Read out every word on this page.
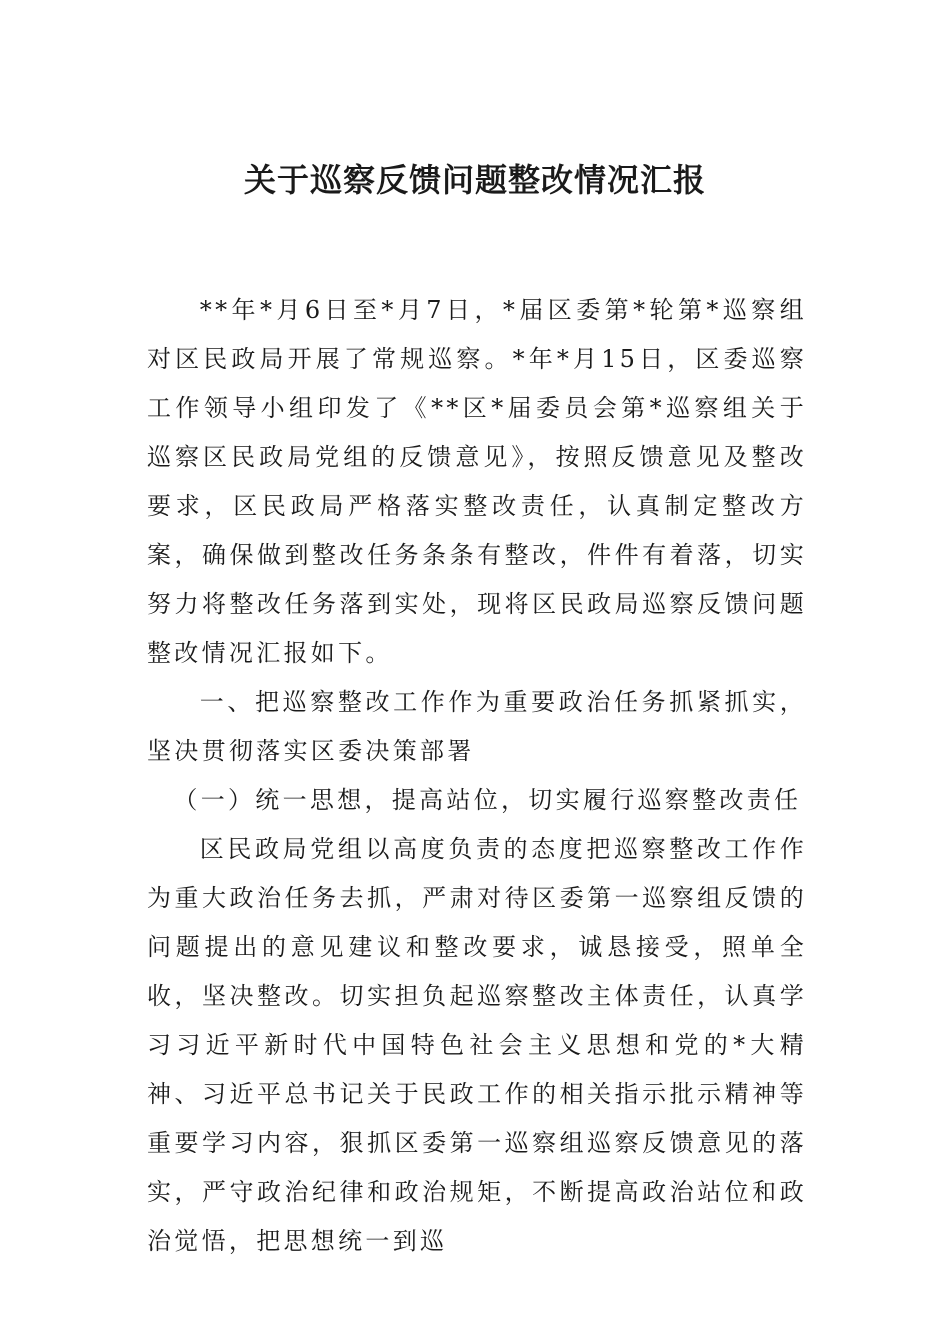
关于巡察反馈问题整改情况汇报

**年*月6日至*月7日，*届区委第*轮第*巡察组对区民政局开展了常规巡察。*年*月15日，区委巡察工作领导小组印发了《**区*届委员会第*巡察组关于巡察区民政局党组的反馈意见》，按照反馈意见及整改要求，区民政局严格落实整改责任，认真制定整改方案，确保做到整改任务条条有整改，件件有着落，切实努力将整改任务落到实处，现将区民政局巡察反馈问题整改情况汇报如下。

一、把巡察整改工作作为重要政治任务抓紧抓实，坚决贯彻落实区委决策部署

（一）统一思想，提高站位，切实履行巡察整改责任

区民政局党组以高度负责的态度把巡察整改工作作为重大政治任务去抓，严肃对待区委第一巡察组反馈的问题提出的意见建议和整改要求，诚恳接受，照单全收，坚决整改。切实担负起巡察整改主体责任，认真学习习近平新时代中国特色社会主义思想和党的*大精神、习近平总书记关于民政工作的相关指示批示精神等重要学习内容，狠抓区委第一巡察组巡察反馈意见的落实，严守政治纪律和政治规矩，不断提高政治站位和政治觉悟，把思想统一到巡
